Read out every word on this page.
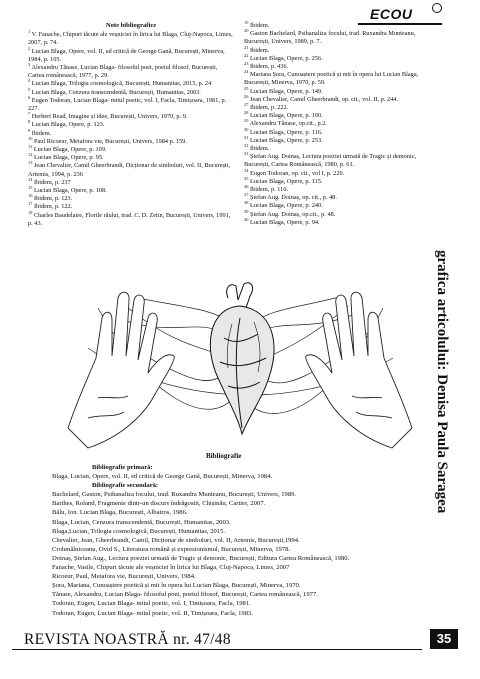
ECOU

Note bibliografice

$^1$ V. Fanache, Chipuri tăcute ale veșniciei în lirica lui Blaga, Cluj-Napoca, Limes, 2007, p. 74.

$^2$ Lucian Blaga, Opere, vol. II, ed critică de George Gană, București, Minerva, 1984, p. 105.

$^3$ Alexandru Tănase, Lucian Blaga- filosoful poet, poetul filosof, București, Cartea românească, 1977, p. 29.

$^4$ Lucian Blaga, Trilogia cosmologică, București, Humanitas, 2015, p. 24

$^5$ Lucian Blaga, Cenzura transcendentă, București, Humanitas, 2003.

$^6$ Eugen Todoran, Lucian Blaga- mitul poetic, vol. I, Facla, Timișoara, 1981, p. 227.

$^7$ Herbert Read, Imagine și idee, București, Univers, 1970, p. 9.

$^8$ Lucian Blaga, Opere, p. 123.

$^9$ Ibidem.

$^{10}$ Paul Ricoeur, Metafora vie, București, Univers, 1984 p. 159.

$^{11}$ Lucian Blaga, Opere, p. 109.

$^{12}$ Lucian Blaga, Opere, p. 95.

$^{13}$ Jean Chevalier, Camil Gheerbrandt, Dicționar de simboluri, vol. II, București, Artemis, 1994, p. 236

$^{14}$ Ibidem, p. 237

$^{15}$ Lucian Blaga, Opere, p. 108.

$^{16}$ Ibidem, p. 123.

$^{17}$ Ibidem, p. 122.

$^{18}$ Charles Baudelaire, Florile răului, trad. C. D. Zetin, București, Univers, 1991, p. 43.

$^{19}$ Ibidem.

$^{20}$ Gaston Bachelard, Psihanaliza focului, trad. Ruxandra Munteanu, București, Univers, 1989, p. 7.

$^{21}$ Ibidem.

$^{22}$ Lucian Blaga, Opere, p. 256.

$^{23}$ Ibidem, p. 436.

$^{24}$ Mariana Șora, Cunoaștere poetică și mit în opera lui Lucian Blaga, București, Minerva, 1970, p. 59.

$^{25}$ Lucian Blaga, Opere, p. 149.

$^{26}$ Jean Chevalier, Camil Gheerbrandt, op. cit., vol. II, p. 244.

$^{27}$ Ibidem, p. 222.

$^{28}$ Lucian Blaga, Opere, p. 100.

$^{29}$ Alexandru Tănase, op.cit., p.2.

$^{30}$ Lucian Blaga, Opere, p. 116.

$^{31}$ Lucian Blaga, Opere, p. 253.

$^{32}$ Ibidem.

$^{33}$ Ștefan Aug. Doinaș, Lectura poeziei urmată de Tragic și demonic, București, Cartea Românească, 1980, p. 61.

$^{34}$ Eugen Todoran, op. cit., vol I, p. 220.

$^{35}$ Lucian Blaga, Opere, p. 115.

$^{36}$ Ibidem, p. 110.

$^{37}$ Ștefan Aug. Doinaș, op. cit., p. 48.

$^{38}$ Lucian Blaga, Opere, p. 240.

$^{39}$ Ștefan Aug. Doinaș, op.cit., p. 48.

$^{40}$ Lucian Blaga, Opere, p. 94.

grafica articolului: Denisa Paula Saragea
Bibliografie

Bibliografie primară:

Blaga, Lucian, Opere, vol. II, ed critică de George Gană, București, Minerva, 1984.

Bibliografie secundară:

Bachelard, Gaston, Psihanaliza focului, trad. Ruxandra Munteanu, București, Univers, 1989.

Barthes, Roland, Fragmente dintr-un discurs îndrăgostit, Chișinău, Cartier, 2007.

Bălu, Ion. Lucian Blaga, București, Albatros, 1986.

Blaga, Lucian, Cenzura transcendentă, București, Humanitas, 2003.

Blaga,Lucian, Trilogia cosmologică, București, Humanitas, 2015.

Chevalier, Jean, Gheerbrandt, Camil, Dicționar de simboluri, vol. II, Artemis, București,1994.

Crohmălniceanu, Ovid S., Literatura română și expresionismul, București, Minerva, 1978.

Doinaș, Ștefan Aug., Lectura poeziei urmată de Tragic și demonic, București, Editura Cartea Românească, 1980.

Fanache, Vasile, Chipuri tăcute ale veșniciei în lirica lui Blaga, Cluj-Napoca, Limes, 2007

Ricoeur, Paul, Metafora vie, București, Univers, 1984.

Șora, Mariana, Cunoaștere poetică și mit în opera lui Lucian Blaga, București, Minerva, 1970.

Tănase, Alexandru, Lucian Blaga- filosoful poet, poetul filosof, București, Cartea românească, 1977.

Todoran, Eugen, Lucian Blaga- mitul poetic, vol. I, Timișoara, Facla, 1981.

Todoran, Eugen, Lucian Blaga- mitul poetic, vol. II, Timișoara, Facla, 1983.

REVISTA NOASTRĂ nr. 47/48	35
